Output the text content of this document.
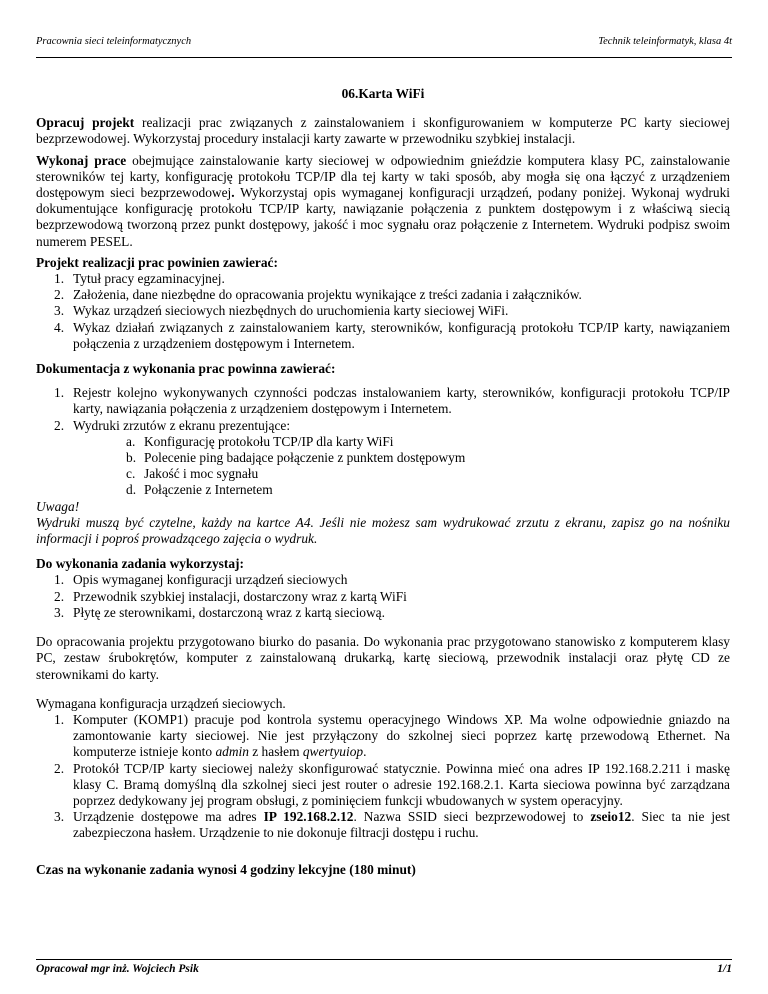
Pracownia sieci teleinformatycznych	Technik teleinformatyk, klasa 4t

06.Karta WiFi

Opracuj projekt realizacji prac związanych z zainstalowaniem i skonfigurowaniem w komputerze PC karty sieciowej bezprzewodowej. Wykorzystaj procedury instalacji karty zawarte w przewodniku szybkiej instalacji.

Wykonaj prace obejmujące zainstalowanie karty sieciowej w odpowiednim gnieździe komputera klasy PC, zainstalowanie sterowników tej karty, konfigurację protokołu TCP/IP dla tej karty w taki sposób, aby mogła się ona łączyć z urządzeniem dostępowym sieci bezprzewodowej. Wykorzystaj opis wymaganej konfiguracji urządzeń, podany poniżej. Wykonaj wydruki dokumentujące konfigurację protokołu TCP/IP karty, nawiązanie połączenia z punktem dostępowym i z właściwą siecią bezprzewodową tworzoną przez punkt dostępowy, jakość i moc sygnału oraz połączenie z Internetem. Wydruki podpisz swoim numerem PESEL.

Projekt realizacji prac powinien zawierać:

1. Tytuł pracy egzaminacyjnej.
2. Założenia, dane niezbędne do opracowania projektu wynikające z treści zadania i załączników.
3. Wykaz urządzeń sieciowych niezbędnych do uruchomienia karty sieciowej WiFi.
4. Wykaz działań związanych z zainstalowaniem karty, sterowników, konfiguracją protokołu TCP/IP karty, nawiązaniem połączenia z urządzeniem dostępowym i Internetem.

Dokumentacja z wykonania prac powinna zawierać:

1. Rejestr kolejno wykonywanych czynności podczas instalowaniem karty, sterowników, konfiguracji protokołu TCP/IP karty, nawiązania połączenia z urządzeniem dostępowym i Internetem.
2. Wydruki zrzutów z ekranu prezentujące:
a. Konfigurację protokołu TCP/IP dla karty WiFi
b. Polecenie ping badające połączenie z punktem dostępowym
c. Jakość i moc sygnału
d. Połączenie z Internetem

Uwaga!

Wydruki muszą być czytelne, każdy na kartce A4. Jeśli nie możesz sam wydrukować zrzutu z ekranu, zapisz go na nośniku informacji i poproś prowadzącego zajęcia o wydruk.

Do wykonania zadania wykorzystaj:

1. Opis wymaganej konfiguracji urządzeń sieciowych
2. Przewodnik szybkiej instalacji, dostarczony wraz z kartą WiFi
3. Płytę ze sterownikami, dostarczoną wraz z kartą sieciową.

Do opracowania projektu przygotowano biurko do pasania. Do wykonania prac przygotowano stanowisko z komputerem klasy PC, zestaw śrubokrętów, komputer z zainstalowaną drukarką, kartę sieciową, przewodnik instalacji oraz płytę CD ze sterownikami do karty.

Wymagana konfiguracja urządzeń sieciowych.

1. Komputer (KOMP1) pracuje pod kontrola systemu operacyjnego Windows XP. Ma wolne odpowiednie gniazdo na zamontowanie karty sieciowej. Nie jest przyłączony do szkolnej sieci poprzez kartę przewodową Ethernet. Na komputerze istnieje konto admin z hasłem qwertyuiop.
2. Protokół TCP/IP karty sieciowej należy skonfigurować statycznie. Powinna mieć ona adres IP 192.168.2.211 i maskę klasy C. Bramą domyślną dla szkolnej sieci jest router o adresie 192.168.2.1. Karta sieciowa powinna być zarządzana poprzez dedykowany jej program obsługi, z pominięciem funkcji wbudowanych w system operacyjny.
3. Urządzenie dostępowe ma adres IP 192.168.2.12. Nazwa SSID sieci bezprzewodowej to zseio12. Siec ta nie jest zabezpieczona hasłem. Urządzenie to nie dokonuje filtracji dostępu i ruchu.

Czas na wykonanie zadania wynosi 4 godziny lekcyjne (180 minut)

Opracował mgr inż. Wojciech Psik	1/1
